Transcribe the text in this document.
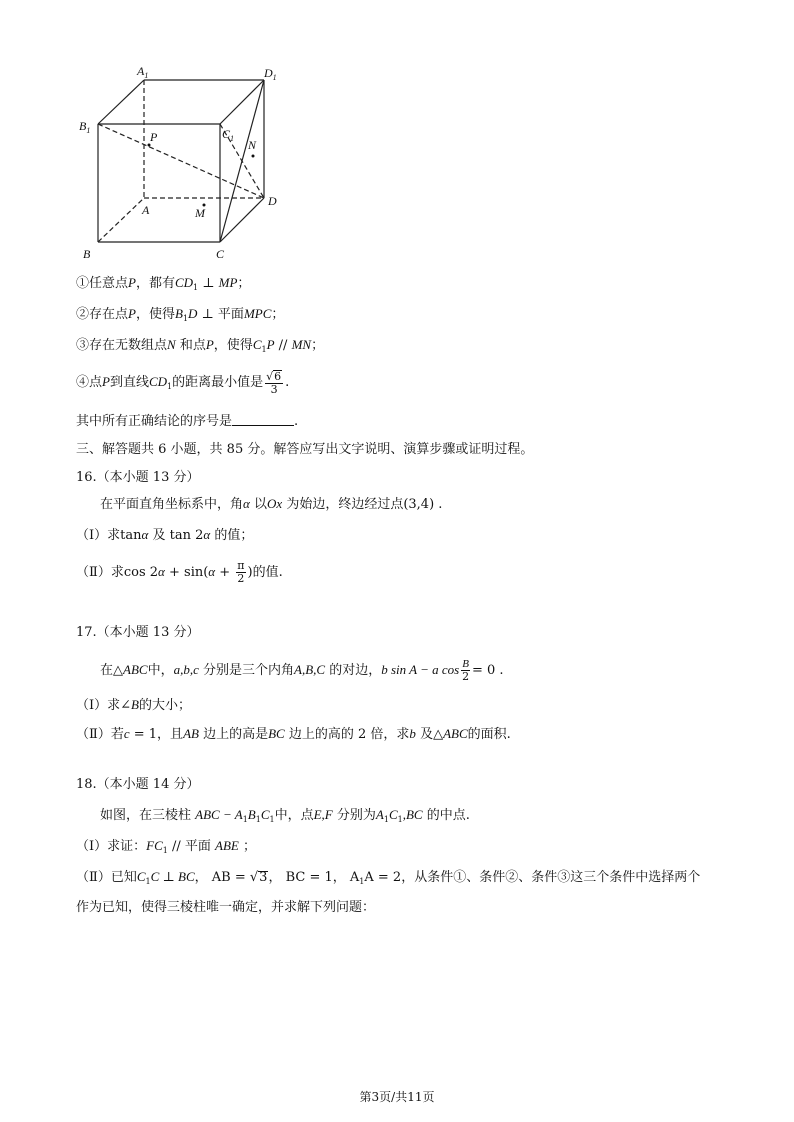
$A_1$	$D_1$
$B_1$	$C_1$
P
N
A	M
D
B	C
①任意点P，都有$CD_1$ ⊥ MP；
②存在点P，使得$B_1D$ ⊥ 平面MPC；
③存在无数组点N 和点P，使得$C_1P$ // MN；
④点P到直线$CD_1$的距离最小值是 $\frac{√6}{3}$ .
其中所有正确结论的序号是	.
三、解答题共 6 小题，共 85 分。解答应写出文字说明、演算步骤或证明过程。
16.（本小题 13 分）
在平面直角坐标系中，角α 以Ox 为始边，终边经过点(3,4) .
（Ⅰ）求tanα 及 tan 2α 的值；
（Ⅱ）求$\cos 2\alpha + \sin(\alpha + \frac{\pi}{2}$ )的值.
17.（本小题 13 分）
在△ABC中，a,b,c 分别是三个内角A,B,C 的对边，b sin A − a $\cos \frac{B}{2} = 0$ .
（Ⅰ）求∠B的大小；
（Ⅱ）若c = 1，且AB 边上的高是BC 边上的高的 2 倍，求b 及△ABC的面积.
18.（本小题 14 分）
如图，在三棱柱 ABC − $A_1B_1C_1$中，点E,F 分别为$A_1C_1,BC$ 的中点.
（Ⅰ）求证：$FC_1$ // 平面 ABE ；
（Ⅱ）已知$C_1C$ ⊥ BC， AB = √3， BC = 1， $A_1A = 2$，从条件①、条件②、条件③这三个条件中选择两个
作为已知，使得三棱柱唯一确定，并求解下列问题：
第3页/共11页
